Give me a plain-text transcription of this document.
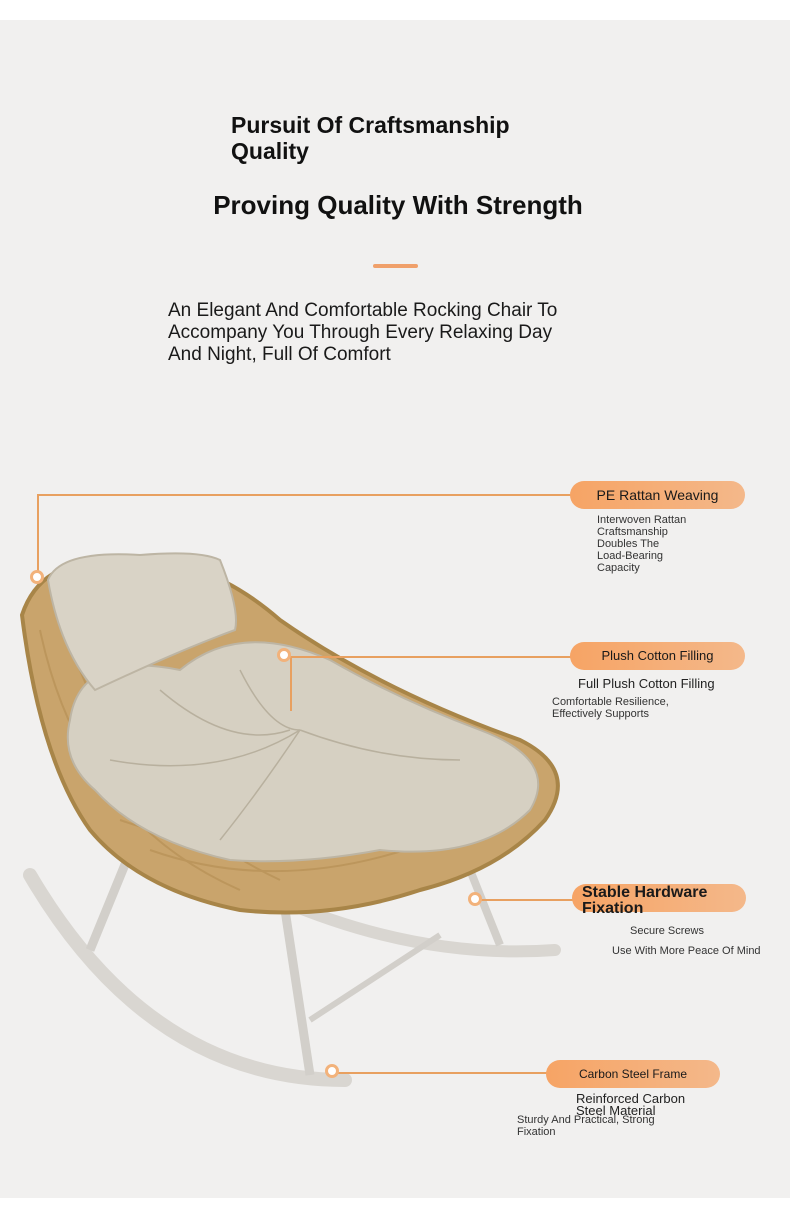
Pursuit Of Craftsmanship
Quality
Proving Quality With Strength
An Elegant And Comfortable Rocking Chair To
Accompany You Through Every Relaxing Day
And Night, Full Of Comfort
PE Rattan Weaving
Interwoven Rattan
Craftsmanship
Doubles The
Load-Bearing
Capacity
Plush Cotton Filling
Full Plush Cotton Filling
Comfortable Resilience,
Effectively Supports
Stable Hardware
Fixation
Secure Screws
Use With More Peace Of Mind
Carbon Steel Frame
Reinforced Carbon
Steel Material
Sturdy And Practical, Strong
Fixation
